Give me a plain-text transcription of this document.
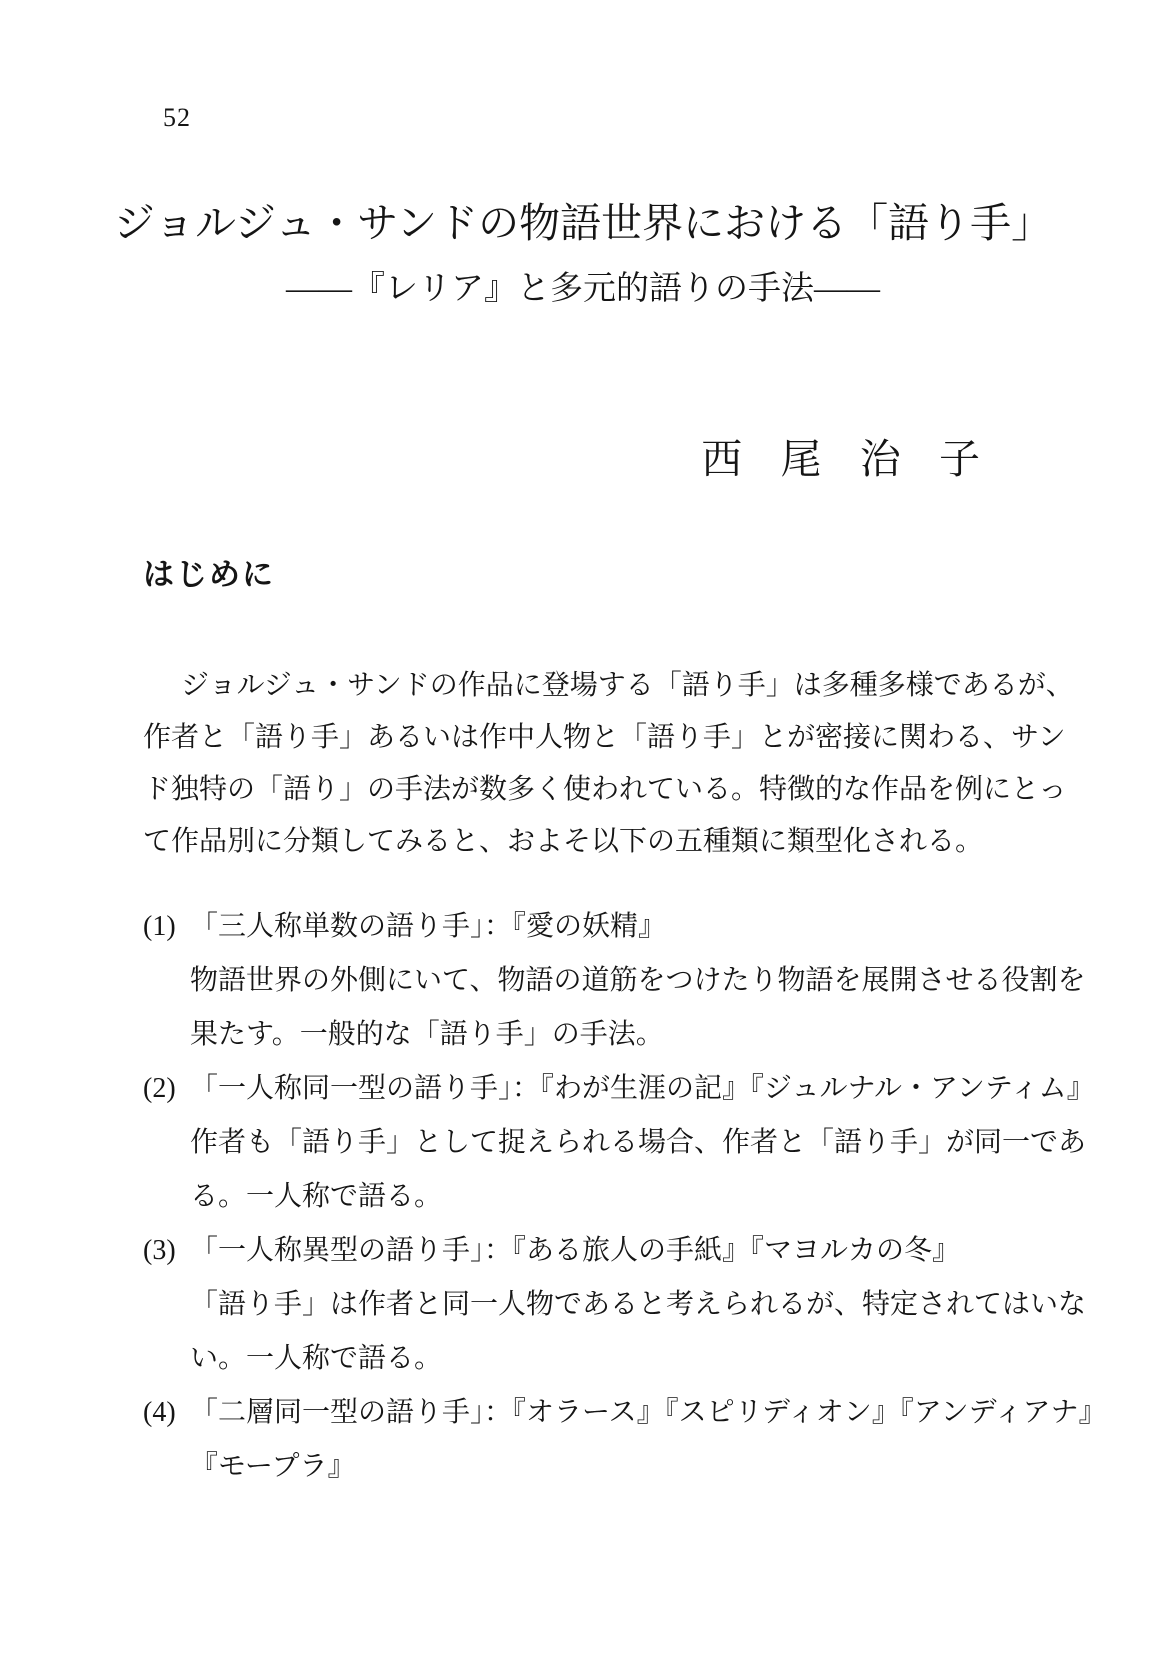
52
ジョルジュ・サンドの物語世界における「語り手」
——『レリア』と多元的語りの手法——
西 尾 治 子
はじめに
ジョルジュ・サンドの作品に登場する「語り手」は多種多様であるが、
作者と「語り手」あるいは作中人物と「語り手」とが密接に関わる、サン
ド独特の「語り」の手法が数多く使われている。特徴的な作品を例にとっ
て作品別に分類してみると、およそ以下の五種類に類型化される。
(1) 「三人称単数の語り手」：『愛の妖精』
物語世界の外側にいて、物語の道筋をつけたり物語を展開させる役割を
果たす。一般的な「語り手」の手法。
(2) 「一人称同一型の語り手」：『わが生涯の記』『ジュルナル・アンティム』
作者も「語り手」として捉えられる場合、作者と「語り手」が同一であ
る。一人称で語る。
(3) 「一人称異型の語り手」：『ある旅人の手紙』『マヨルカの冬』
「語り手」は作者と同一人物であると考えられるが、特定されてはいな
い。一人称で語る。
(4) 「二層同一型の語り手」：『オラース』『スピリディオン』『アンディアナ』
『モープラ』
